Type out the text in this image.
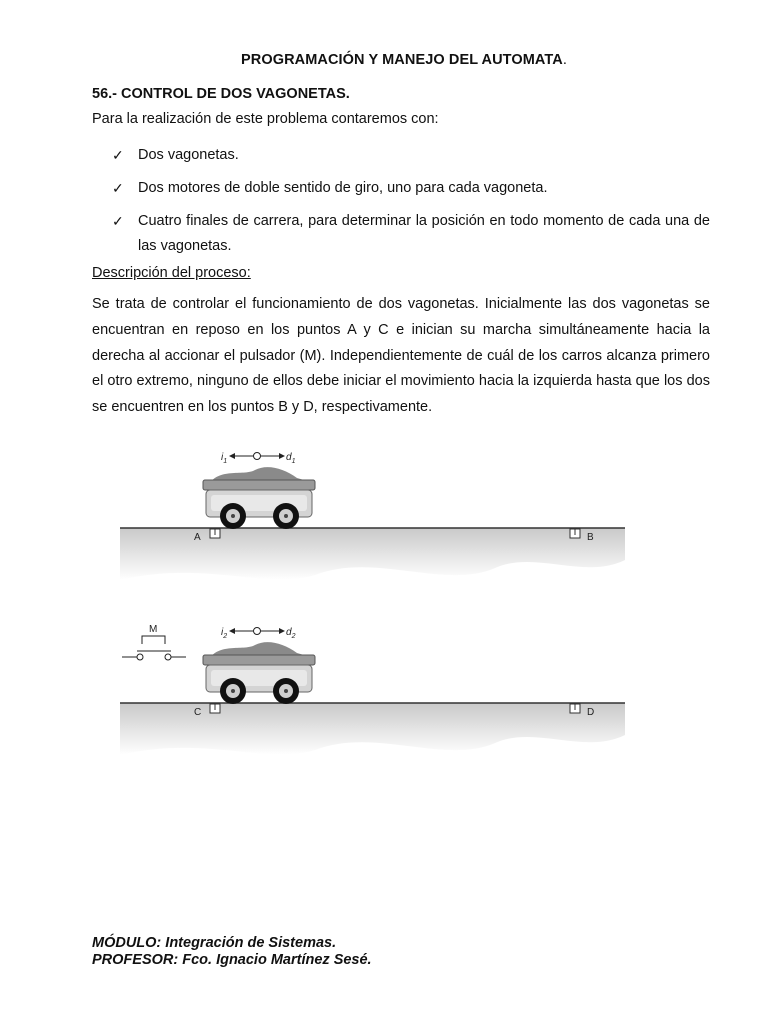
PROGRAMACIÓN Y MANEJO DEL AUTOMATA.
56.- CONTROL DE DOS VAGONETAS.
Para la realización de este problema contaremos con:
✓ Dos vagonetas.
✓ Dos motores de doble sentido de giro, uno para cada vagoneta.
✓ Cuatro finales de carrera, para determinar la posición en todo momento de cada una de las vagonetas.
Descripción del proceso:

Se trata de controlar el funcionamiento de dos vagonetas. Inicialmente las dos vagonetas se encuentran en reposo en los puntos A y C e inician su marcha simultáneamente hacia la derecha al accionar el pulsador (M). Independientemente de cuál de los carros alcanza primero el otro extremo, ninguno de ellos debe iniciar el movimiento hacia la izquierda hasta que los dos se encuentren en los puntos B y D, respectivamente.

A	B
$i_1$	$d_1$
M
C	D
$i_2$	$d_2$
MÓDULO: Integración de Sistemas.
PROFESOR: Fco. Ignacio Martínez Sesé.
